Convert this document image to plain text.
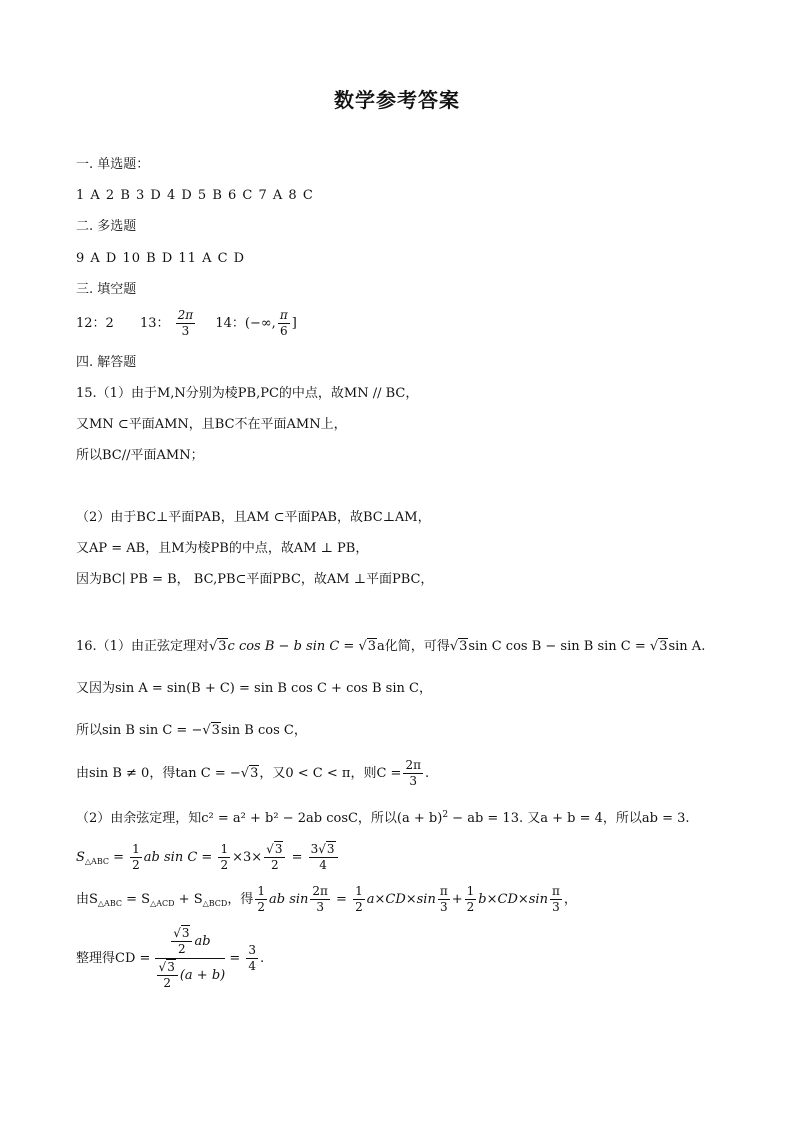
数学参考答案
一. 单选题：
1 A 2 B 3 D 4 D 5 B 6 C 7 A 8 C
二. 多选题
9 A D 10 B D 11 A C D
三. 填空题
12：2 13： $\frac{2\pi}{3} 14$：(−∞, $\frac{\pi}{6}$ ]
四. 解答题
15.（1）由于M,N分别为棱PB,PC的中点，故MN // BC，
又MN ⊂平面AMN，且BC不在平面AMN上，
所以BC//平面AMN；
（2）由于BC⊥平面PAB，且AM ⊂平面PAB，故BC⊥AM，
又AP = AB，且M为棱PB的中点，故AM ⊥ PB，
因为BC∣ PB = B， BC,PB⊂平面PBC，故AM ⊥平面PBC，
16.（1）由正弦定理对√3c cos B − b sin C = √3a化简，可得√3sin C cos B − sin B sin C = √3sin A.
又因为sin A = sin(B + C) = sin B cos C + cos B sin C，
所以sin B sin C = −√3sin B cos C，
由sin B ≠ 0，得tan C = −√3，又0 < C < π，则$C = \frac{2\pi}{3}$ .
（2）由余弦定理，知c² = a² + b² − 2ab cosC，所以$(a + b)^2$ − ab = 13. 又a + b = 4，所以ab = 3.
$S_{\triangle ABC} = \frac{1}{2}$ ab $\sin C = \frac{1}{2} \times 3\times \frac{√3}{2} = \frac{3√3}{4}$
由$S_{\triangle ABC} = S_{\triangle ACD} + S_{\triangle BCD}$，得 $\frac{1}{2}$ ab $\sin \frac{2\pi}{3} = \frac{1}{2} a\times CD\times\sin \frac{\pi}{3} + \frac{1}{2} b\times CD\times\sin \frac{\pi}{3}$ ，
整理得CD = $\frac{\frac{√3}{2} ab}{\frac{√3}{2} (a + b)} = \frac{3}{4}$ .
